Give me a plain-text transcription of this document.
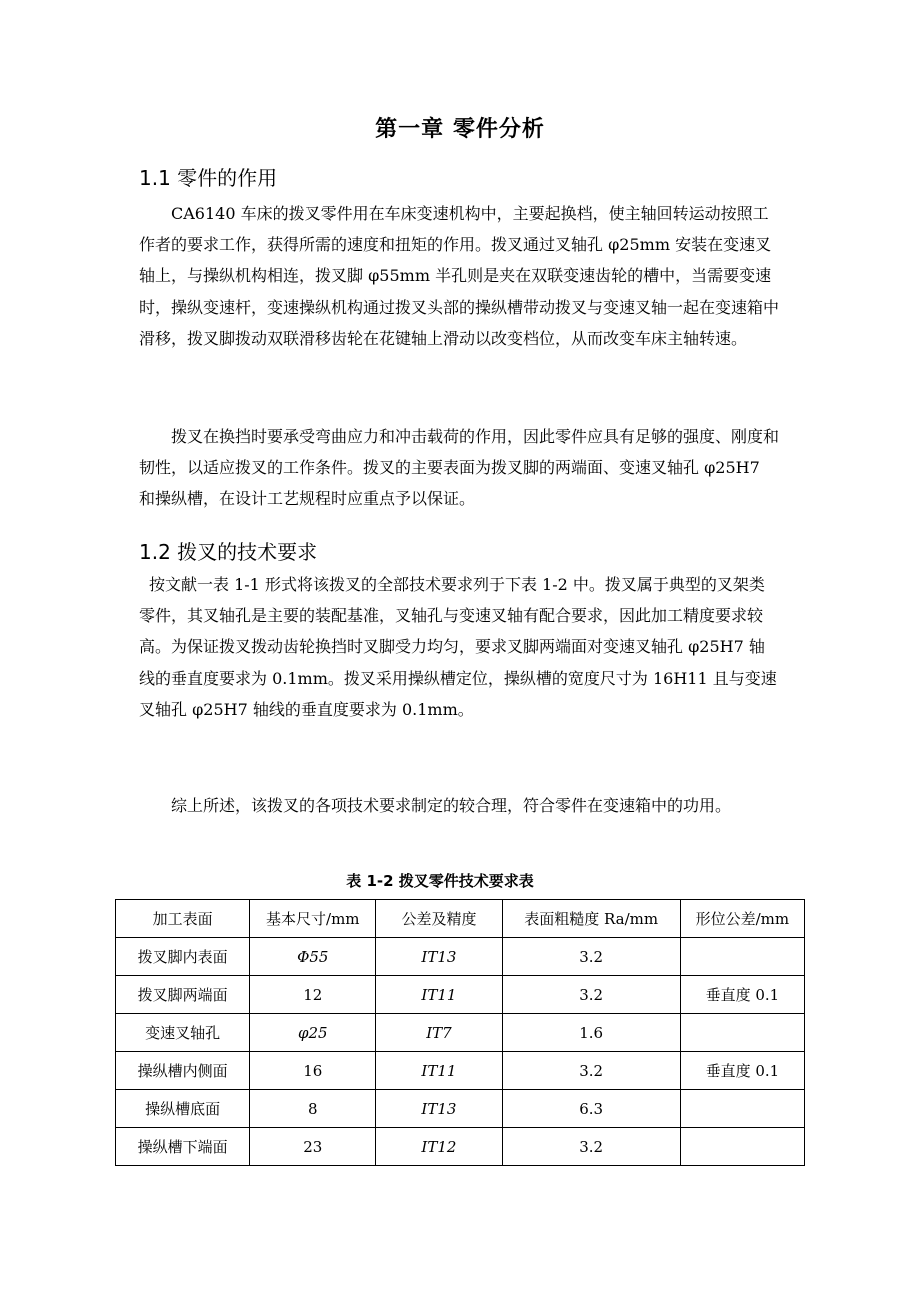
第一章 零件分析
1.1 零件的作用

CA6140 车床的拨叉零件用在车床变速机构中，主要起换档，使主轴回转运动按照工作者的要求工作，获得所需的速度和扭矩的作用。拨叉通过叉轴孔 φ25mm 安装在变速叉轴上，与操纵机构相连，拨叉脚 φ55mm 半孔则是夹在双联变速齿轮的槽中，当需要变速时，操纵变速杆，变速操纵机构通过拨叉头部的操纵槽带动拨叉与变速叉轴一起在变速箱中滑移，拨叉脚拨动双联滑移齿轮在花键轴上滑动以改变档位，从而改变车床主轴转速。

拨叉在换挡时要承受弯曲应力和冲击载荷的作用，因此零件应具有足够的强度、刚度和韧性，以适应拨叉的工作条件。拨叉的主要表面为拨叉脚的两端面、变速叉轴孔 φ25H7 和操纵槽，在设计工艺规程时应重点予以保证。

1.2 拨叉的技术要求

按文献一表 1-1 形式将该拨叉的全部技术要求列于下表 1-2 中。拨叉属于典型的叉架类零件，其叉轴孔是主要的装配基准，叉轴孔与变速叉轴有配合要求，因此加工精度要求较高。为保证拨叉拨动齿轮换挡时叉脚受力均匀，要求叉脚两端面对变速叉轴孔 φ25H7 轴线的垂直度要求为 0.1mm。拨叉采用操纵槽定位，操纵槽的宽度尺寸为 16H11 且与变速叉轴孔 φ25H7 轴线的垂直度要求为 0.1mm。

综上所述，该拨叉的各项技术要求制定的较合理，符合零件在变速箱中的功用。

表 1-2 拨叉零件技术要求表
加工表面	基本尺寸/mm	公差及精度	表面粗糙度 Ra/mm	形位公差/mm
拨叉脚内表面	Φ55	IT13	3.2	
拨叉脚两端面	12	IT11	3.2	垂直度 0.1
变速叉轴孔	φ25	IT7	1.6	
操纵槽内侧面	16	IT11	3.2	垂直度 0.1
操纵槽底面	8	IT13	6.3	
操纵槽下端面	23	IT12	3.2	
